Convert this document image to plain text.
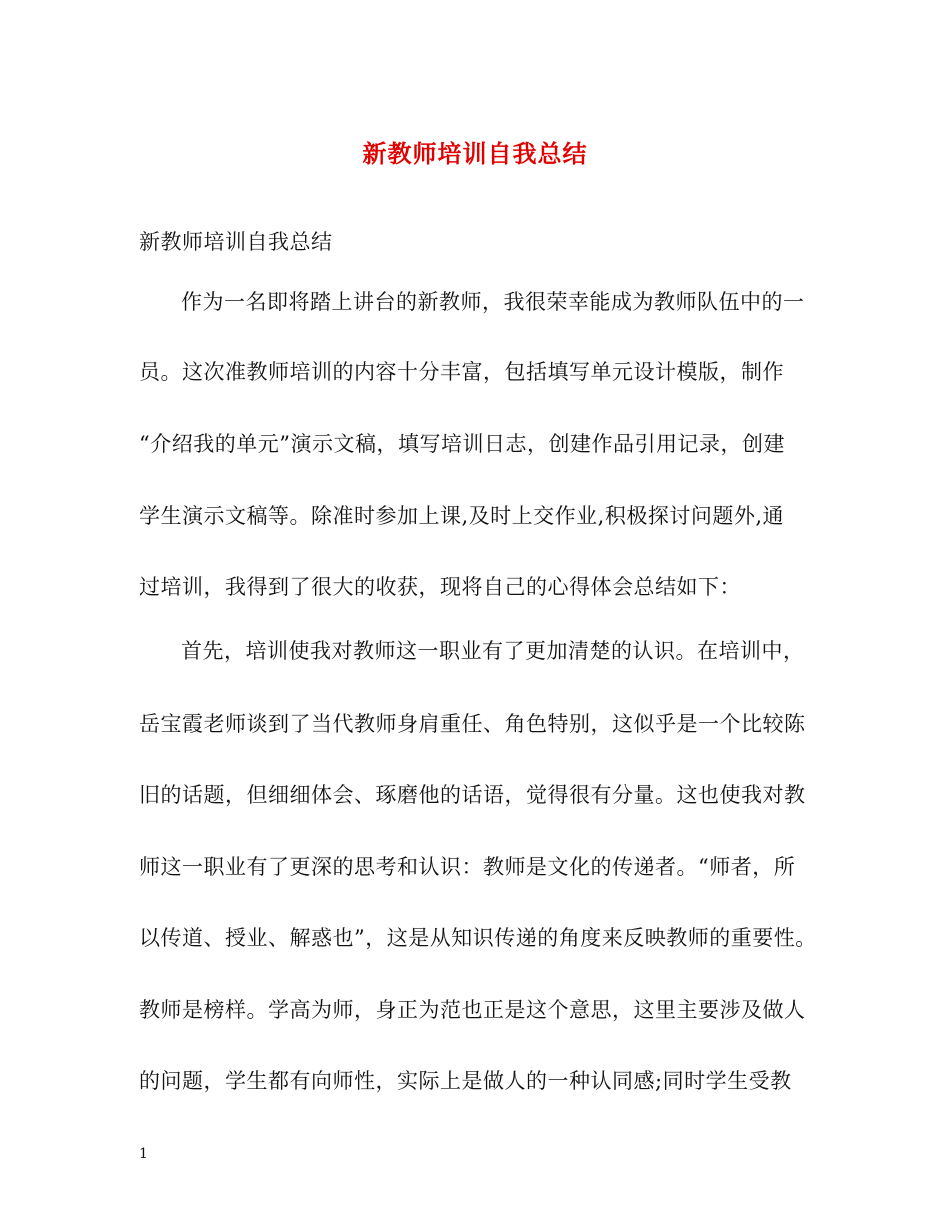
新教师培训自我总结
新教师培训自我总结
作为一名即将踏上讲台的新教师，我很荣幸能成为教师队伍中的一
员。这次准教师培训的内容十分丰富，包括填写单元设计模版，制作
“介绍我的单元”演示文稿，填写培训日志，创建作品引用记录，创建
学生演示文稿等。除准时参加上课,及时上交作业,积极探讨问题外,通
过培训，我得到了很大的收获，现将自己的心得体会总结如下：
首先，培训使我对教师这一职业有了更加清楚的认识。在培训中，
岳宝霞老师谈到了当代教师身肩重任、角色特别，这似乎是一个比较陈
旧的话题，但细细体会、琢磨他的话语，觉得很有分量。这也使我对教
师这一职业有了更深的思考和认识：教师是文化的传递者。“师者，所
以传道、授业、解惑也”，这是从知识传递的角度来反映教师的重要性。
教师是榜样。学高为师，身正为范也正是这个意思，这里主要涉及做人
的问题，学生都有向师性，实际上是做人的一种认同感;同时学生受教
1
